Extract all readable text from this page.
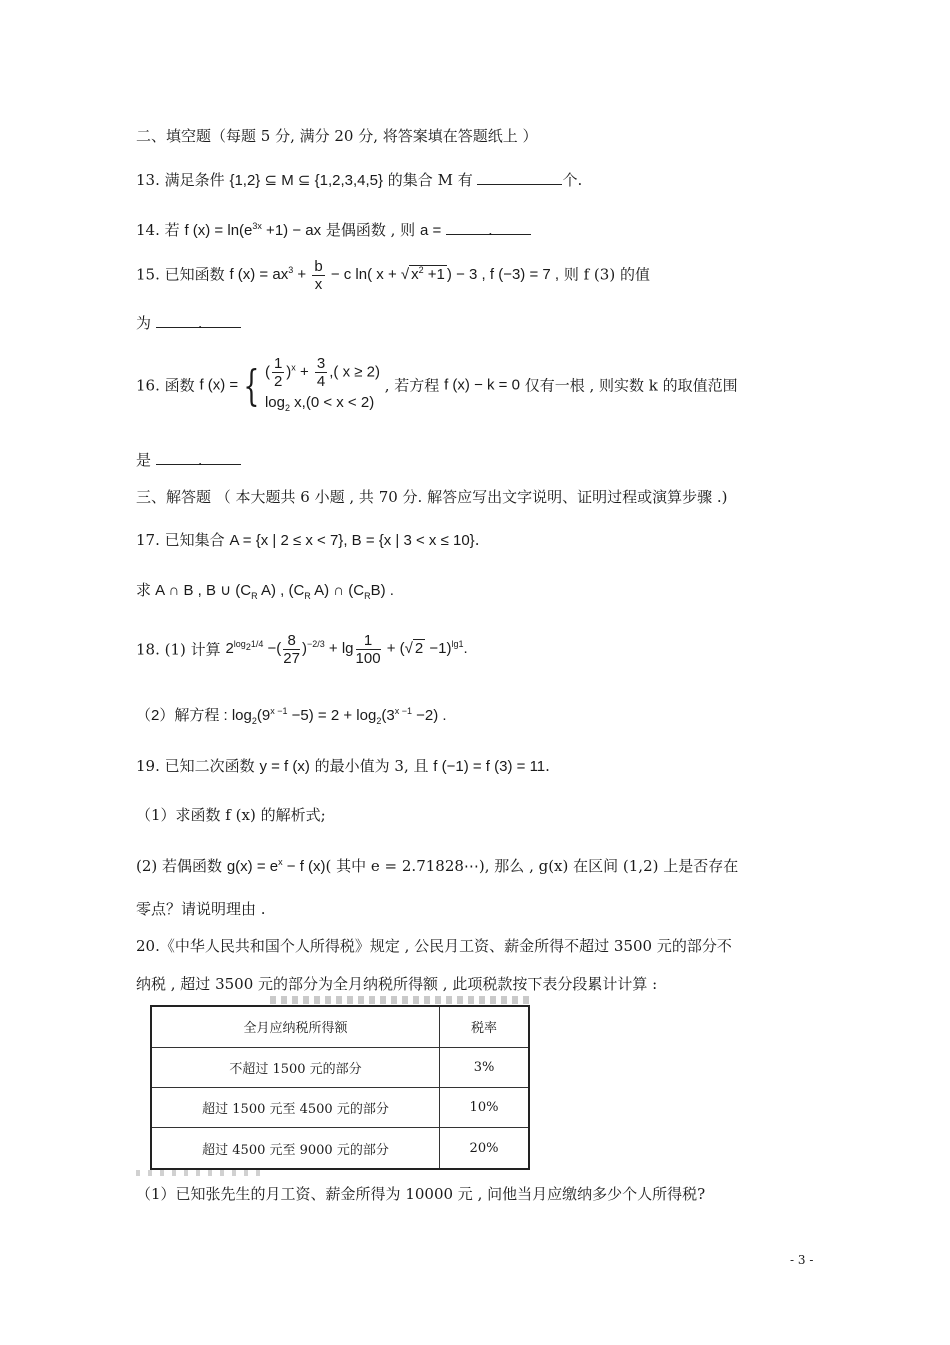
二、填空题（每题 5 分, 满分 20 分, 将答案填在答题纸上 ）
13. 满足条件 {1,2} ⊆ M ⊆ {1,2,3,4,5} 的集合 M 有	个.
14. 若 f $(x) = \ln(e^{3x} +1)$ − ax 是偶函数 , 则 a =	.
15. 已知函数 f $(x) = ax^3 + \frac{b}{x} - c$ ln( x + √ $x^2 +1$ ) − 3 , f (−3) = 7 , 则 f (3) 的值
为	.
16. 函数 f (x) = { ( $\frac{1}{2} )^x + \frac{3}{4}$ ,( x ≥ 2)
$\log_2 x,(0 < x < 2)$
, 若方程 f (x) − k = 0 仅有一根 , 则实数 k 的取值范围
是	.
三、解答题 （ 本大题共 6 小题 , 共 70 分. 解答应写出文字说明、证明过程或演算步骤 .)
17. 已知集合 A = {x | 2 ≤ x < 7}, B = {x | 3 < x ≤ 10}.
求 A ∩ B , B ∪ ($C_R$ A) , ($C_R$ A) ∩ $(C_RB)$ .
18. (1) 计算 $2^{log_21/4}$ −( $\frac{8}{27} )^{-2/3} + \lg \frac{1}{100}$ + (√ 2 −1)$^{lg1}$.
（2）解方程 : $\log_2(9^{x -1} -5) = 2 + \log_2(3^{x -1} -2)$ .
19. 已知二次函数 y = f (x) 的最小值为 3, 且 f (−1) = f (3) = 11.
（1）求函数 f (x) 的解析式;
(2) 若偶函数 $g(x) = e^x - f$ (x)( 其中 e = 2.71828⋯), 那么 , g(x) 在区间 (1,2) 上是否存在
零点？请说明理由 .
20.《中华人民共和国个人所得税》规定 , 公民月工资、薪金所得不超过 3500 元的部分不
纳税 , 超过 3500 元的部分为全月纳税所得额 , 此项税款按下表分段累计计算 :
全月应纳税所得额	税率
不超过 1500 元的部分	3%
超过 1500 元至 4500 元的部分	10%
超过 4500 元至 9000 元的部分	20%
（1）已知张先生的月工资、薪金所得为 10000 元 , 问他当月应缴纳多少个人所得税?
- 3 -
